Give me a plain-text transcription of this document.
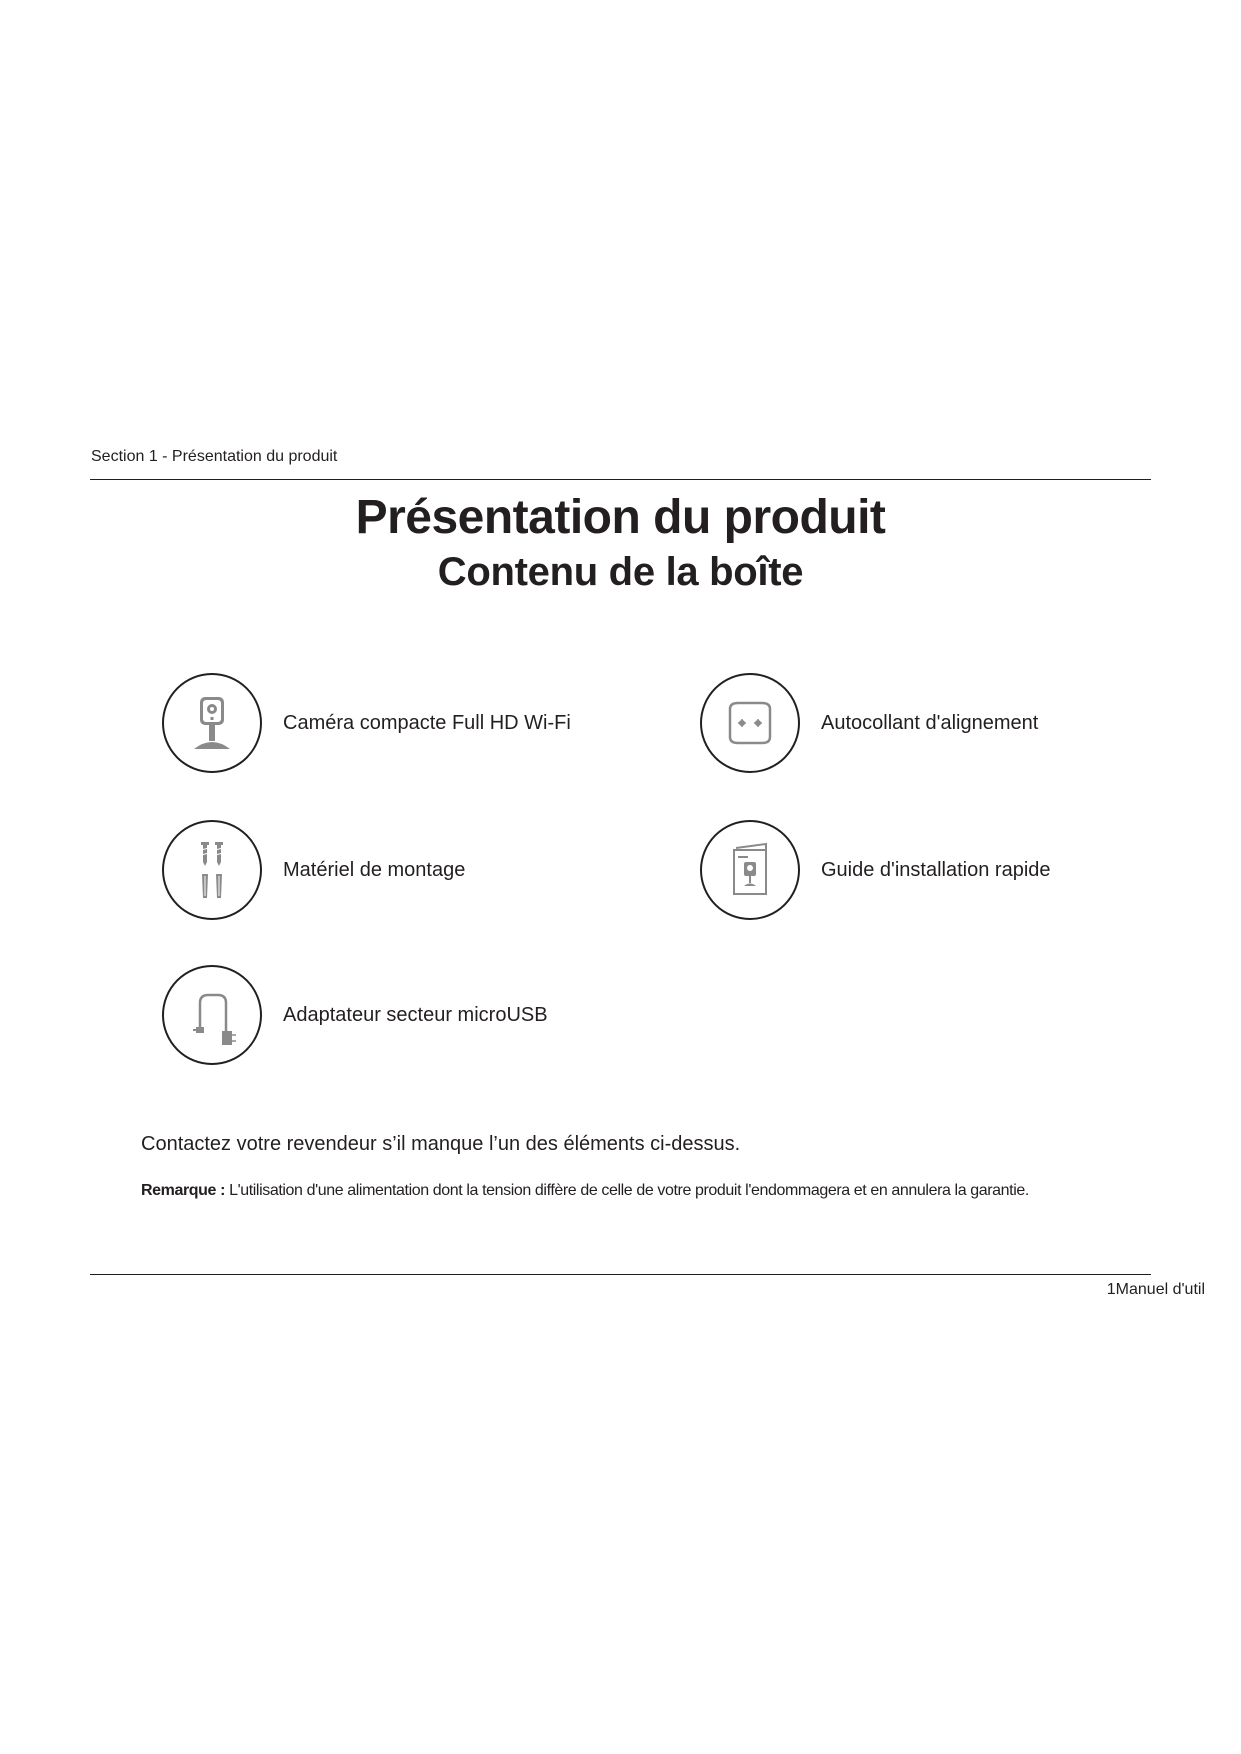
Section 1 - Présentation du produit
Présentation du produit
Contenu de la boîte
Caméra compacte Full HD Wi-Fi	Autocollant d'alignement
Matériel de montage	Guide d'installation rapide
Adaptateur secteur microUSB
Contactez votre revendeur s’il manque l’un des éléments ci-dessus.
Remarque : L'utilisation d'une alimentation dont la tension diffère de celle de votre produit l'endommagera et en annulera la garantie.
1Manuel d'util
